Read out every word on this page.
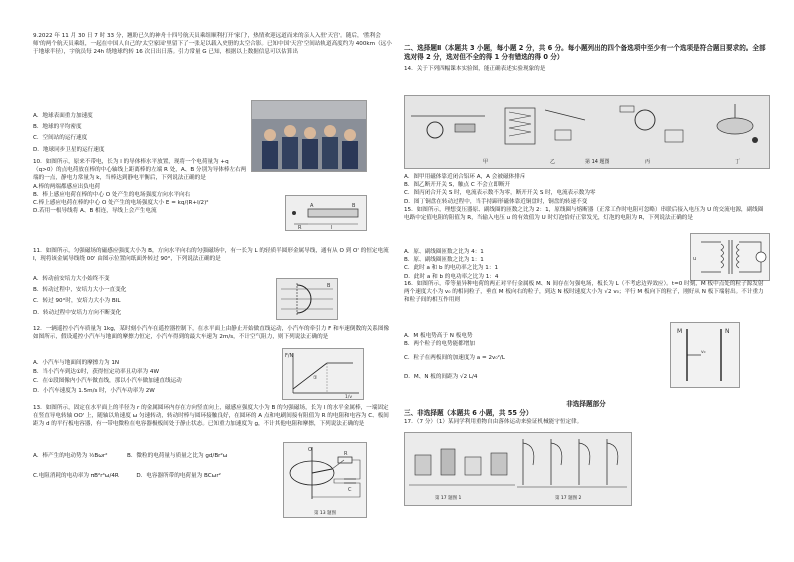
9.2022 年 11 月 30 日 7 时 33 分，翘盼已久的神舟十四号航天员乘组顺利打开'家门'，热情欢迎远道而来的亲人入驻'天宫'。随后，'胜利会师'的两个航天员乘组，一起在中国人自己的'太空家园'里留下了一张足以载入史册的太空合影。已知中国'天宫'空间站轨道高度约为 400km（远小于地球半径），宇航员每 24h 绕地球约转 16 次日出日落。引力常量 G 已知，根据以上数据信息可以估算出

A．地球表面重力加速度

B．地球的平均密度

C．空间站的运行速度

D．地球同步卫星的运行速度

10．如图所示，原来不带电，长为 l 的导体棒水平放置，现将一个电荷量为 +q（q>0）的点电荷放在棒的中心轴线上距离棒的左端 R 处，A、B 分别为导体棒左右两端的一点，静电力常量为 k，当棒达到静电平衡后，下列说法正确的是

A.棒的两端都感应出负电荷

B．棒上感应电荷在棒的中心 O 处产生的电场强度方向水平向右

C.棒上感应电荷在棒的中心 O 处产生的电场强度大小 E = kq/(R+l/2)²

D.若用一根导线将 A、B 相连，导线上会产生电流

R	l
A	B

11．如图所示，匀强磁场的磁感应强度大小为 B，方向水平向右的匀强磁场中，有一长为 L 的轻质半圆形金属导线，通有从 O 到 O' 的恒定电流 I，现将该金属导线绕 00' 由图示位置向纸面外转过 90°，下列说法正确的是

A．转动前安培力大小始终不变

B．转动过程中，安培力大小一直变化

C．转过 90°时，安培力大小为 BIL

D．转动过程中安培力方向不断变化

B

12．一辆遥控小汽车质量为 1kg，某时刻小汽车在遥控器控制下，在水平面上由静止开始做直线运动，小汽车的牵引力 F 和车速倒数的关系图像如图所示，假设遥控小汽车与地面的摩擦力恒定，小汽车得到的最大车速为 2m/s，不计空气阻力，则下列说法正确的是

A．小汽车与地面间的摩擦力为 1N

B．当小汽车到达①时，获得恒定功率且功率为 4W

C．在①段图像内小汽车做直线，那以小汽车做加速直线运动

D．小汽车速度为 1.5m/s 时，小汽车功率为 2W

F/N
1/v
①

13．如图所示，固定在水平面上的半径为 r 的金属圆环内存在方向竖直向上，磁感应强度大小为 B 的匀强磁场，长为 l 的水平金属棒，一端固定在竖直导电转轴 OO' 上，随轴以角速度 ω 匀速转动，转动时棒与圆环接触良好，在圆环的 A 点和电刷间接有阻值为 R 的电阻和电容为 C、板间距为 d 的平行板电容器，有一带电微粒在电容器极板间处于静止状态。已知重力加速度为 g，不计其他电阻和摩擦，下列说法正确的是

A．棒产生的电动势为 ½Bωr²	B．微粒的电荷量与质量之比为 gd/Br²ω

C.电阻消耗的电功率为 πB²r⁴ω/4R	D．电容器所带的电荷量为 BCωr²

O
R
C
第 13 题图

二、选择题Ⅱ（本题共 3 小题，每小题 2 分，共 6 分。每小题列出的四个备选项中至少有一个选项是符合题目要求的。全部选对得 2 分，选对但不全的得 1 分有错选的得 0 分）

14．关于下列四幅课本实验图，能正确表述实验现象的是

甲	乙	第 14 题图	丙	丁

A．图甲用磁体靠近闭合铝环 A，A 会被磁体排斥

B．图乙断开开关 S，触点 C 不会立即断开

C．图丙闭合开关 S 时，电流表示数不为零，断开开关 S 时，电流表示数为零

D．图丁铜盘在转动过程中，当手持蹄形磁体靠近铜盘时，铜盘的转速不变

15．如图所示，理想变压器原、副线圈的匝数之比为 2：1，原线圈与熔断器（正常工作时电阻可忽略）串联后接入电压为 U 的交流电源，副线圈电路中定值电阻的阻值为 R，当输入电压 u 的有效值为 U 时灯泡恰好正常发光，灯泡的电阻为 R，下列说法正确的是

A．原、副线圈匝数之比为 4：1

B．原、副线圈匝数之比为 1：1

C．此时 a 和 b 的电功率之比为 1：1

D．此时 a 和 b 的电功率之比为 1：4

u

16．如图所示，带等量异种电荷的两正对平行金属板 M、N 间存在匀强电场，板长为 L（不考虑边界效应）。t=0 时刻，M 板中点处的粒子源发射两个速度大小为 v₀ 的相同粒子，垂直 M 板向右的粒子，到达 N 板时速度大小为 √2 v₀；平行 M 板向下的粒子，刚好从 N 板下端射出。不计重力和粒子间的相互作用则

A．M 板电势高于 N 板电势

B．两个粒子的电势能都增加

C．粒子在两板间的加速度为 a = 2v₀²/L

D．M、N 板的间距为 √2 L/4

M	N
v₀

非选择题部分

三、非选择题（本题共 6 小题，共 55 分）

17．（7 分）（1）某同学利用重物自由落体运动来验证机械能守恒定律。

第 17 题图 1	第 17 题图 2
